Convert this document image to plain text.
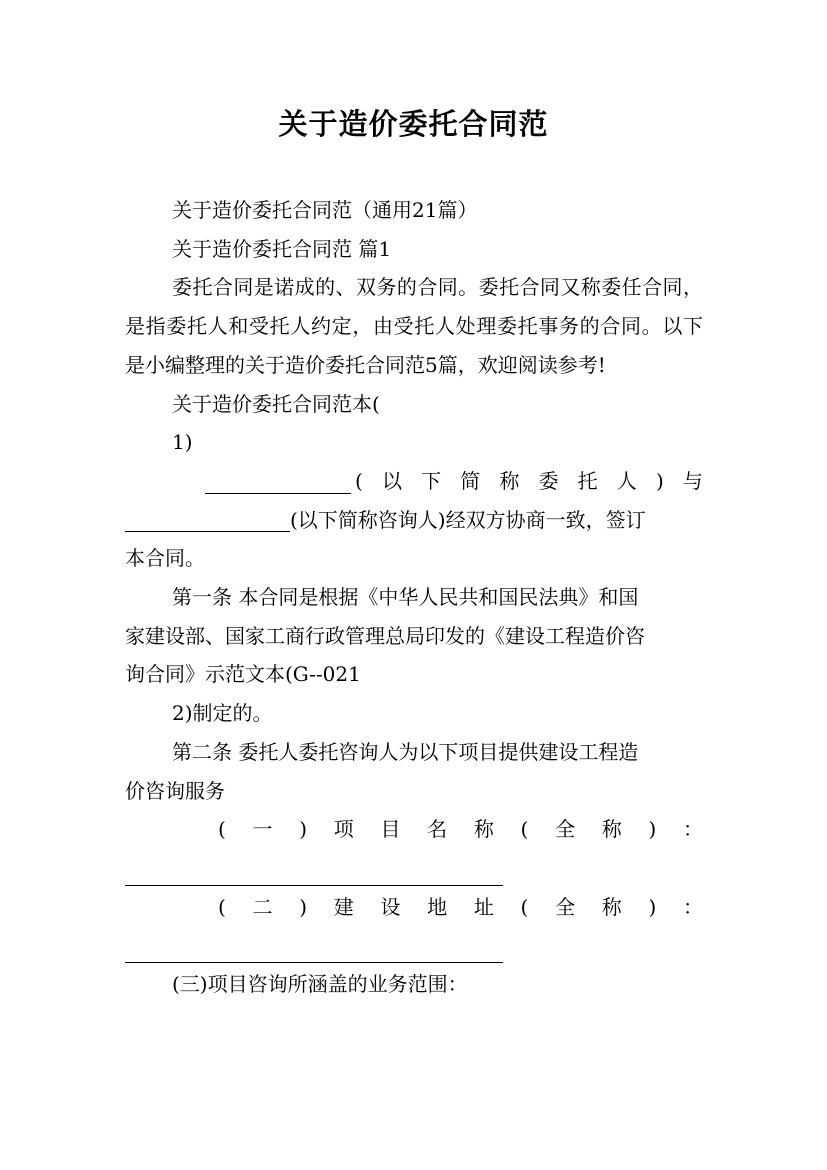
关于造价委托合同范

关于造价委托合同范（通用21篇）

关于造价委托合同范 篇1

委托合同是诺成的、双务的合同。委托合同又称委任合同，是指委托人和受托人约定，由受托人处理委托事务的合同。以下是小编整理的关于造价委托合同范5篇，欢迎阅读参考!

关于造价委托合同范本(

1)

( 以 下 简 称 委 托 人 ) 与
(以下简称咨询人)经双方协商一致，签订

本合同。

第一条 本合同是根据《中华人民共和国民法典》和国

家建设部、国家工商行政管理总局印发的《建设工程造价咨

询合同》示范文本(G--021

2)制定的。

第二条 委托人委托咨询人为以下项目提供建设工程造

价咨询服务

( 一 ) 项 目 名 称 ( 全 称 ) ：
( 二 ) 建 设 地 址 ( 全 称 ) ：

(三)项目咨询所涵盖的业务范围：
